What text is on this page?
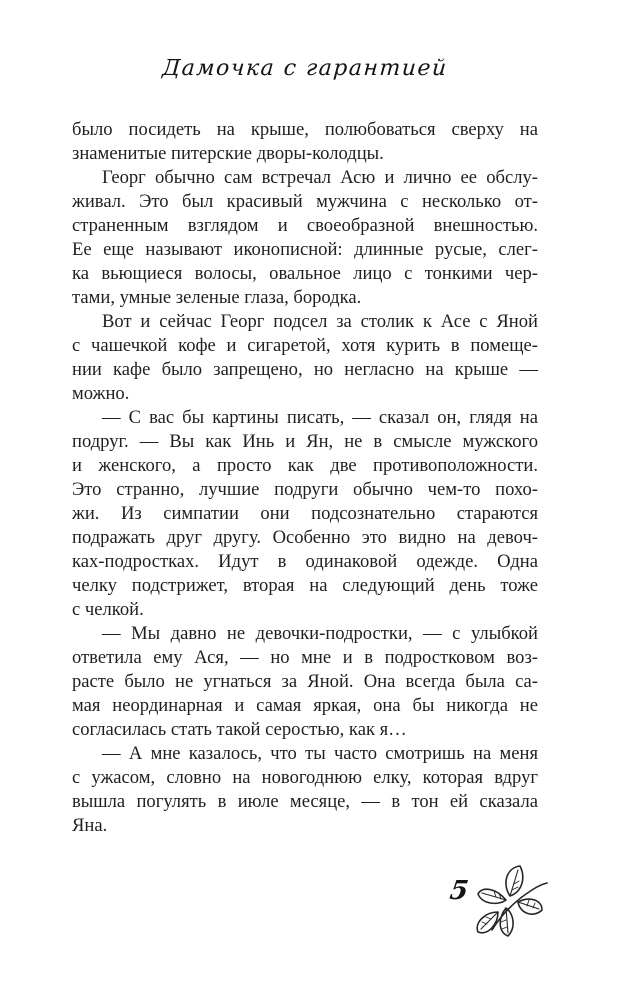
Дамочка с гарантией
было посидеть на крыше, полюбоваться сверху на
знаменитые питерские дворы-колодцы.
Георг обычно сам встречал Асю и лично ее обслу-
живал. Это был красивый мужчина с несколько от-
страненным взглядом и своеобразной внешностью.
Ее еще называют иконописной: длинные русые, слег-
ка вьющиеся волосы, овальное лицо с тонкими чер-
тами, умные зеленые глаза, бородка.
Вот и сейчас Георг подсел за столик к Асе с Яной
с чашечкой кофе и сигаретой, хотя курить в помеще-
нии кафе было запрещено, но негласно на крыше —
можно.
— С вас бы картины писать, — сказал он, глядя на
подруг. — Вы как Инь и Ян, не в смысле мужского
и женского, а просто как две противоположности.
Это странно, лучшие подруги обычно чем-то похо-
жи. Из симпатии они подсознательно стараются
подражать друг другу. Особенно это видно на девоч-
ках-подростках. Идут в одинаковой одежде. Одна
челку подстрижет, вторая на следующий день тоже
с челкой.
— Мы давно не девочки-подростки, — с улыбкой
ответила ему Ася, — но мне и в подростковом воз-
расте было не угнаться за Яной. Она всегда была са-
мая неординарная и самая яркая, она бы никогда не
согласилась стать такой серостью, как я…
— А мне казалось, что ты часто смотришь на меня
с ужасом, словно на новогоднюю елку, которая вдруг
вышла погулять в июле месяце, — в тон ей сказала
Яна.
5
